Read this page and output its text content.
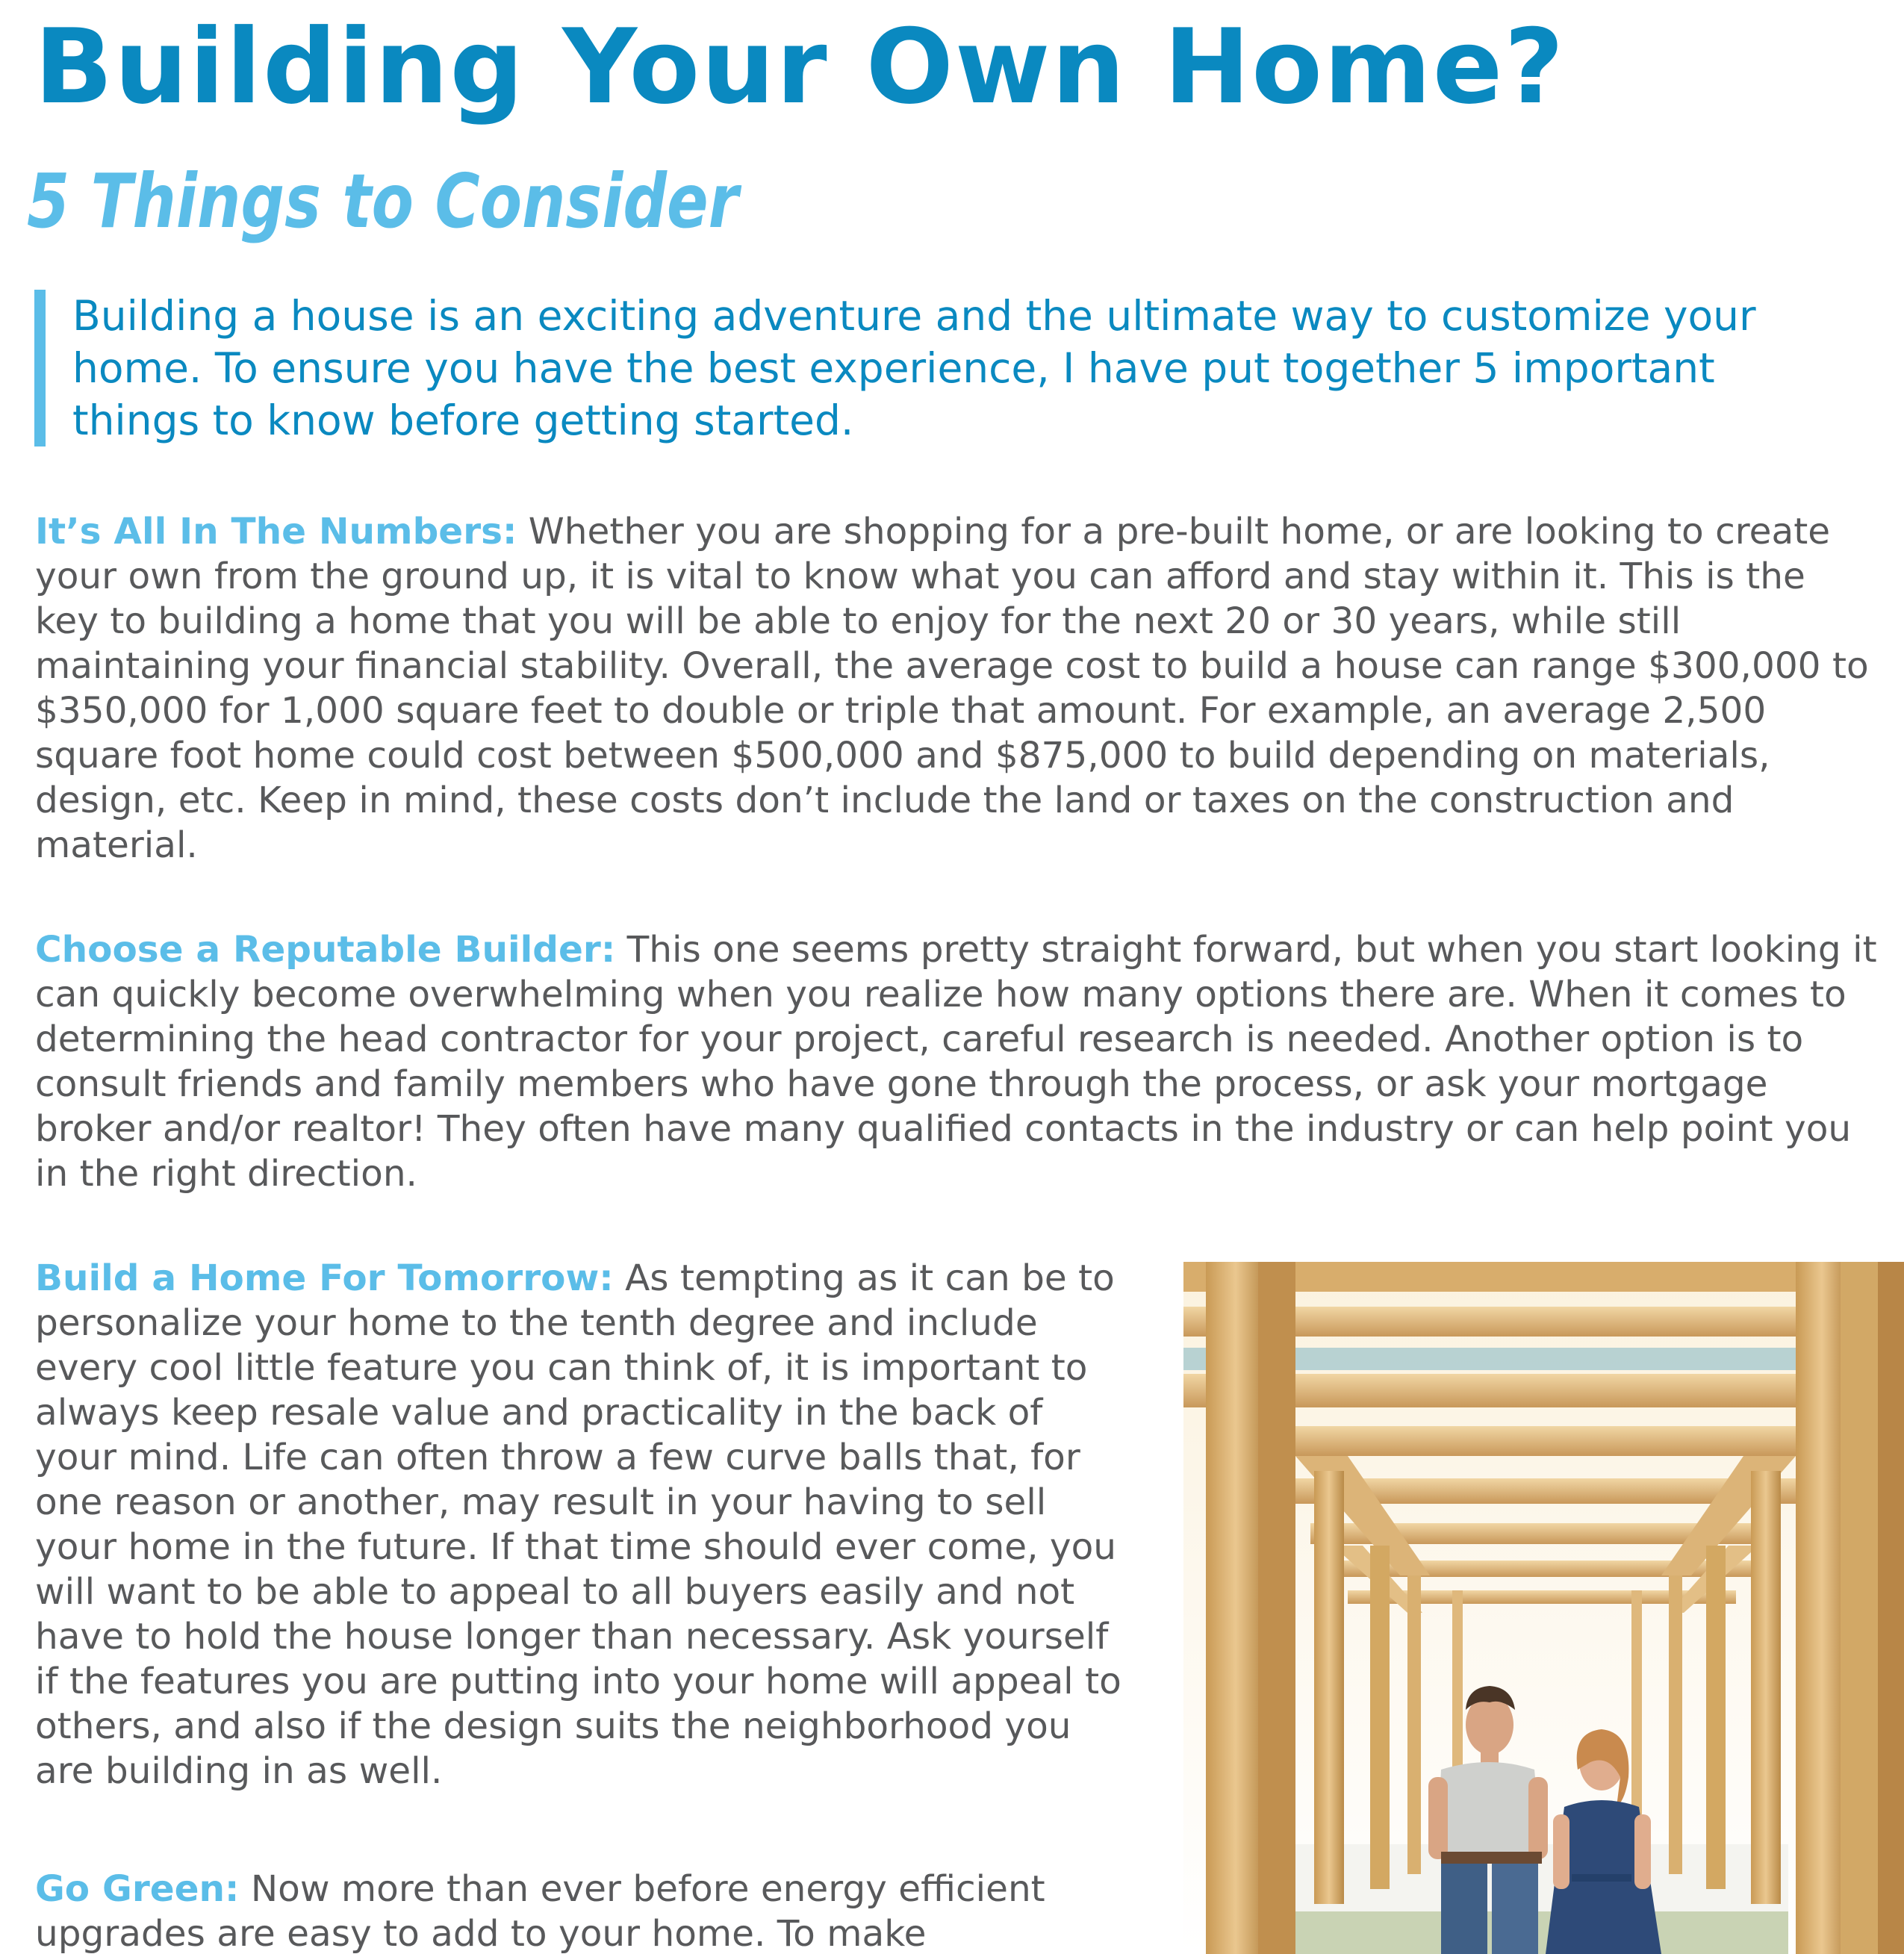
Building Your Own Home?
5 Things to Consider

Building a house is an exciting adventure and the ultimate way to customize your home. To ensure you have the best experience, I have put together 5 important things to know before getting started.

It’s All In The Numbers: Whether you are shopping for a pre-built home, or are looking to create your own from the ground up, it is vital to know what you can afford and stay within it. This is the key to building a home that you will be able to enjoy for the next 20 or 30 years, while still maintaining your financial stability. Overall, the average cost to build a house can range $300,000 to $350,000 for 1,000 square feet to double or triple that amount. For example, an average 2,500 square foot home could cost between $500,000 and $875,000 to build depending on materials, design, etc. Keep in mind, these costs don’t include the land or taxes on the construction and material.
Choose a Reputable Builder: This one seems pretty straight forward, but when you start looking it can quickly become overwhelming when you realize how many options there are. When it comes to determining the head contractor for your project, careful research is needed. Another option is to consult friends and family members who have gone through the process, or ask your mortgage broker and/or realtor! They often have many qualified contacts in the industry or can help point you in the right direction.
Build a Home For Tomorrow: As tempting as it can be to personalize your home to the tenth degree and include every cool little feature you can think of, it is important to always keep resale value and practicality in the back of your mind. Life can often throw a few curve balls that, for one reason or another, may result in your having to sell your home in the future. If that time should ever come, you will want to be able to appeal to all buyers easily and not have to hold the house longer than necessary. Ask yourself if the features you are putting into your home will appeal to others, and also if the design suits the neighborhood you are building in as well.
Go Green: Now more than ever before energy efficient upgrades are easy to add to your home. To make
